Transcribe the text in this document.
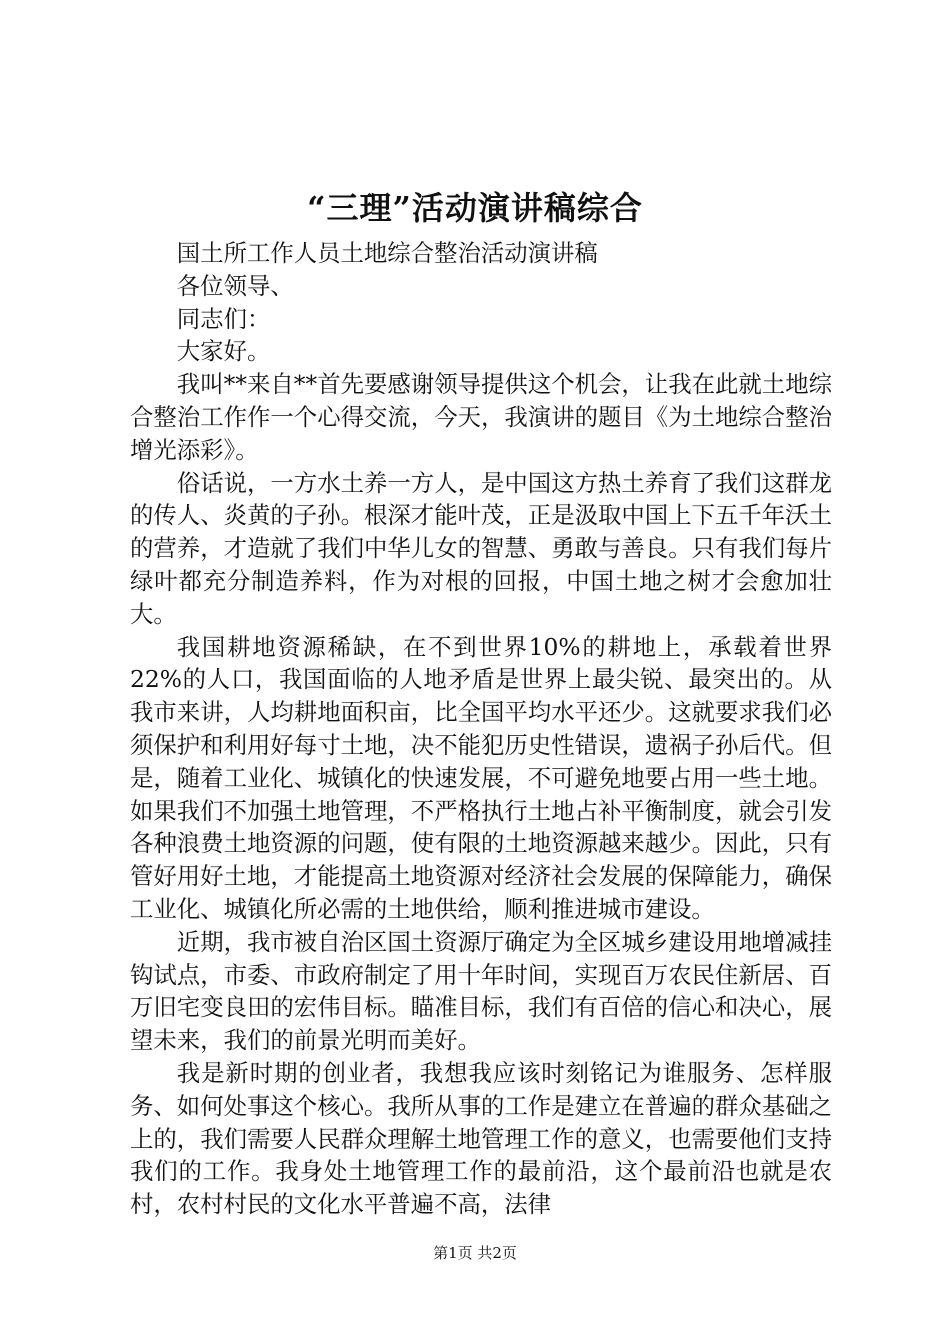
“三理”活动演讲稿综合

国土所工作人员土地综合整治活动演讲稿

各位领导、

同志们：

大家好。

我叫**来自**首先要感谢领导提供这个机会，让我在此就土地综合整治工作作一个心得交流，今天，我演讲的题目《为土地综合整治增光添彩》。

俗话说，一方水土养一方人，是中国这方热土养育了我们这群龙的传人、炎黄的子孙。根深才能叶茂，正是汲取中国上下五千年沃土的营养，才造就了我们中华儿女的智慧、勇敢与善良。只有我们每片绿叶都充分制造养料，作为对根的回报，中国土地之树才会愈加壮大。

我国耕地资源稀缺，在不到世界10%的耕地上，承载着世界22%的人口，我国面临的人地矛盾是世界上最尖锐、最突出的。从我市来讲，人均耕地面积亩，比全国平均水平还少。这就要求我们必须保护和利用好每寸土地，决不能犯历史性错误，遗祸子孙后代。但是，随着工业化、城镇化的快速发展，不可避免地要占用一些土地。如果我们不加强土地管理，不严格执行土地占补平衡制度，就会引发各种浪费土地资源的问题，使有限的土地资源越来越少。因此，只有管好用好土地，才能提高土地资源对经济社会发展的保障能力，确保工业化、城镇化所必需的土地供给，顺利推进城市建设。

近期，我市被自治区国土资源厅确定为全区城乡建设用地增减挂钩试点，市委、市政府制定了用十年时间，实现百万农民住新居、百万旧宅变良田的宏伟目标。瞄准目标，我们有百倍的信心和决心，展望未来，我们的前景光明而美好。

我是新时期的创业者，我想我应该时刻铭记为谁服务、怎样服务、如何处事这个核心。我所从事的工作是建立在普遍的群众基础之上的，我们需要人民群众理解土地管理工作的意义，也需要他们支持我们的工作。我身处土地管理工作的最前沿，这个最前沿也就是农村，农村村民的文化水平普遍不高，法律

第1页 共2页
